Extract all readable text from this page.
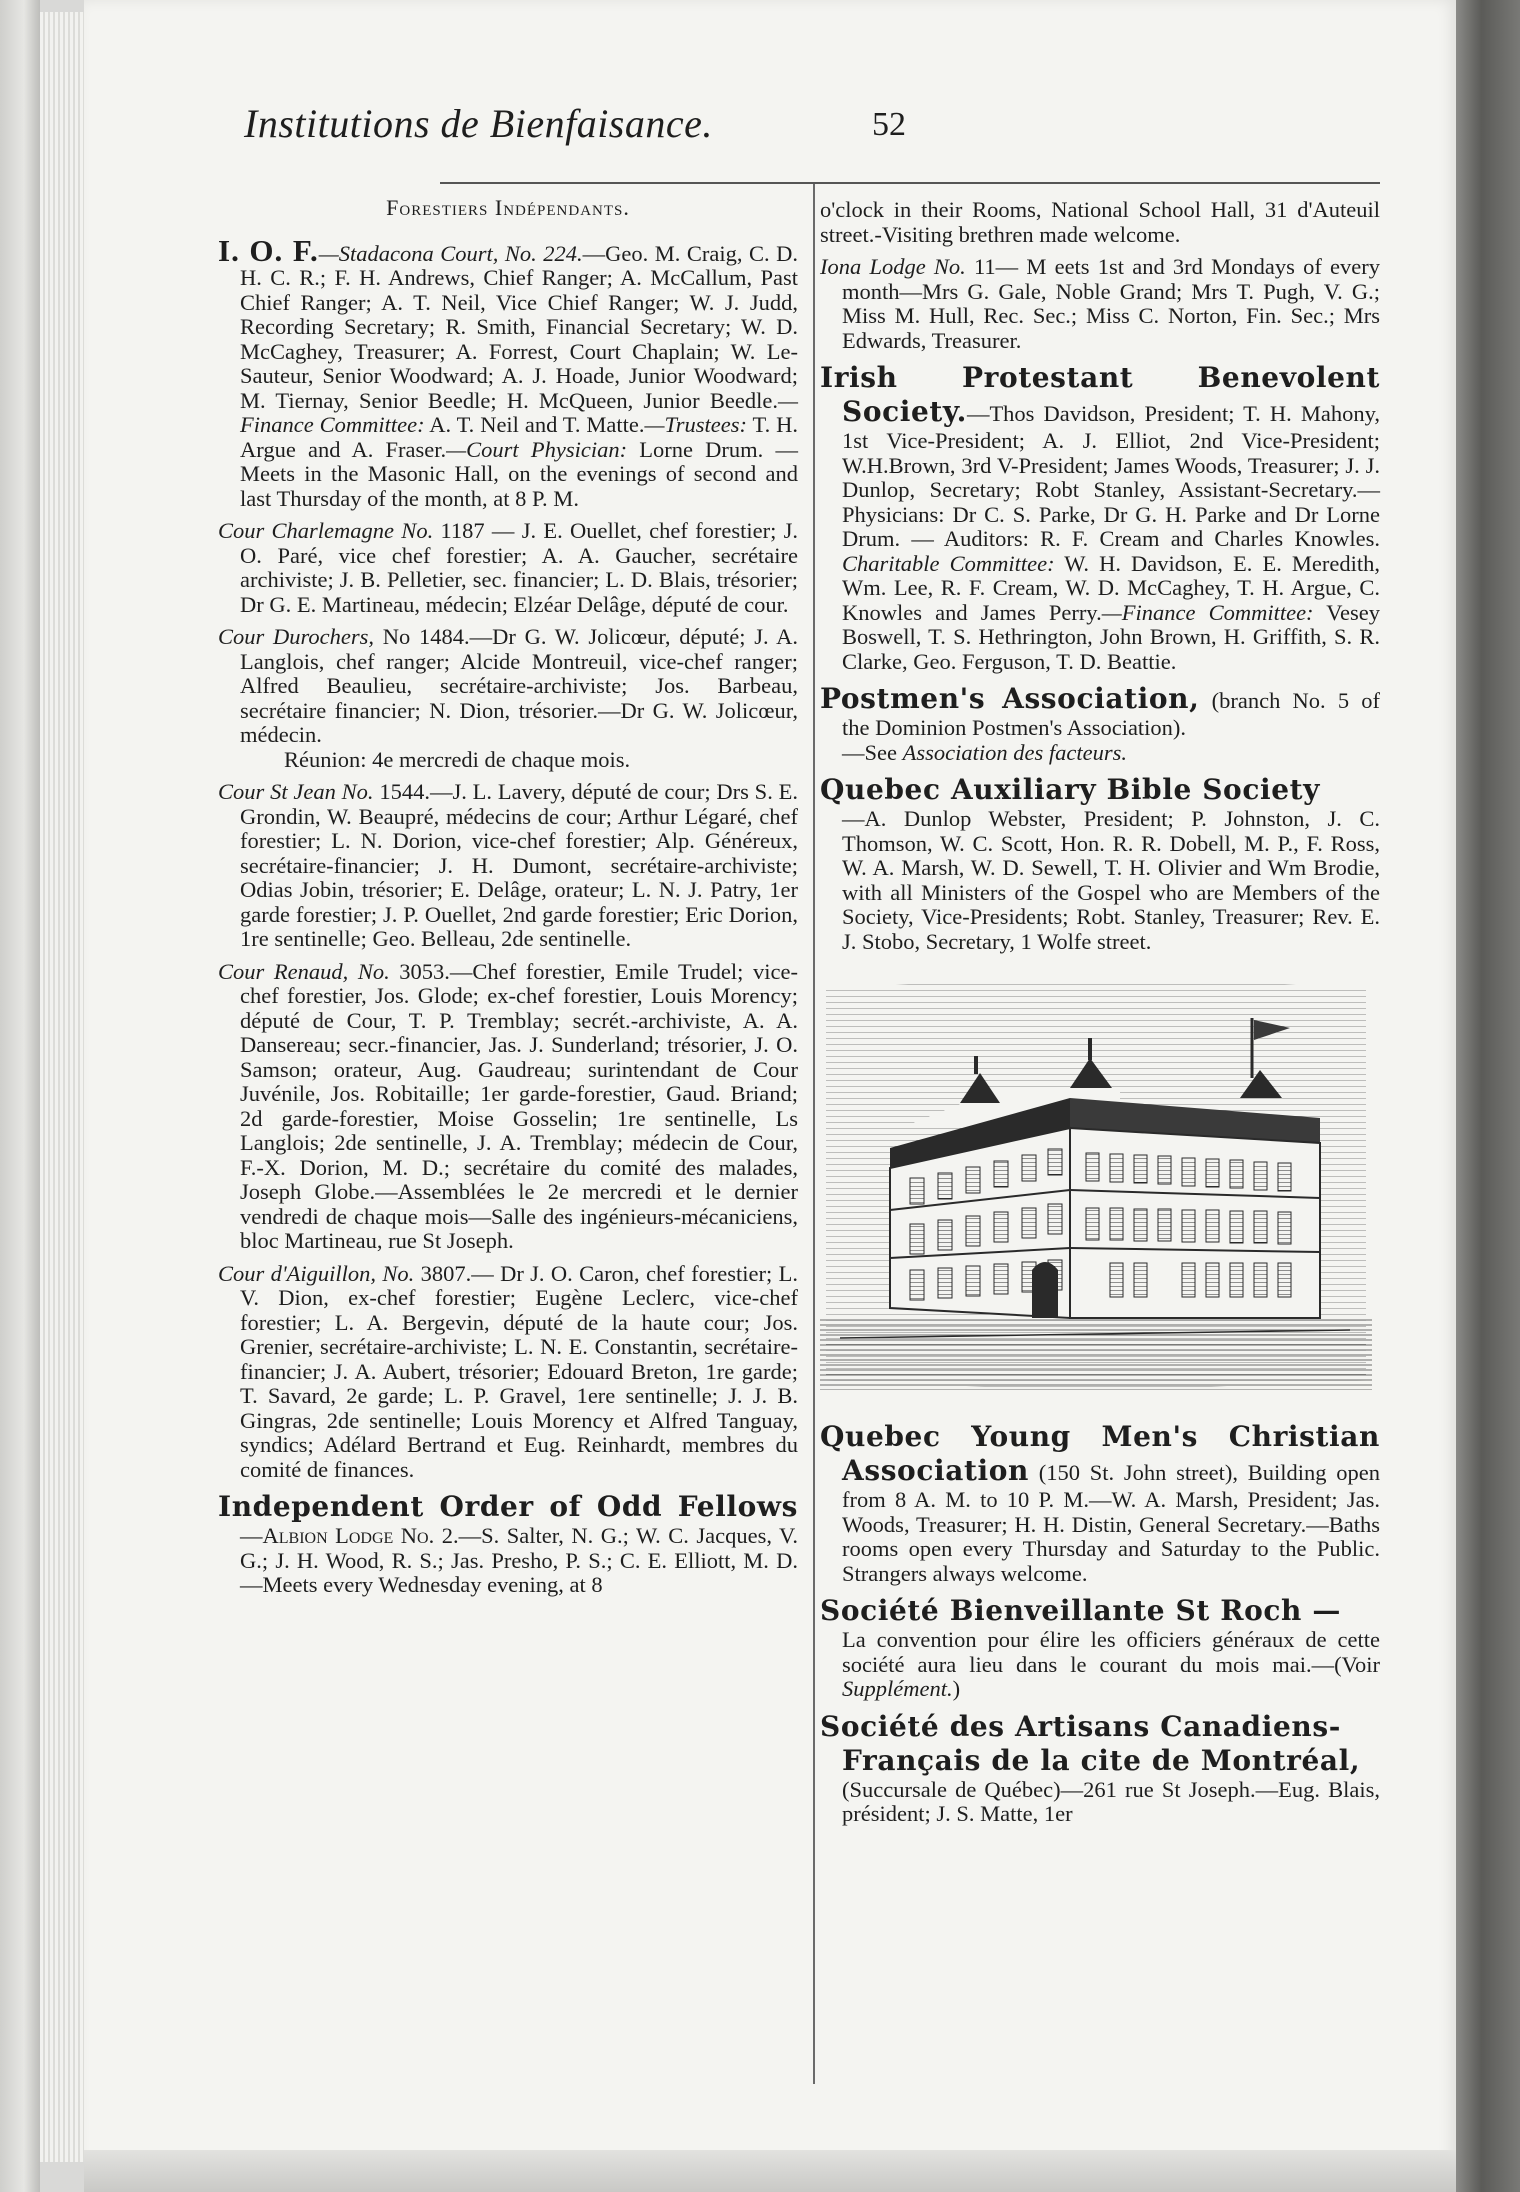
Institutions de Bienfaisance.	52
Forestiers Indépendants.
I. O. F.—Stadacona Court, No. 224.—Geo. M. Craig, C. D. H. C. R.; F. H. Andrews, Chief Ranger; A. McCallum, Past Chief Ranger; A. T. Neil, Vice Chief Ranger; W. J. Judd, Recording Secretary; R. Smith, Financial Secretary; W. D. McCaghey, Treasurer; A. Forrest, Court Chaplain; W. Le-Sauteur, Senior Woodward; A. J. Hoade, Junior Woodward; M. Tiernay, Senior Beedle; H. McQueen, Junior Beedle.—Finance Committee: A. T. Neil and T. Matte.—Trustees: T. H. Argue and A. Fraser.—Court Physician: Lorne Drum. — Meets in the Masonic Hall, on the evenings of second and last Thursday of the month, at 8 P. M.
Cour Charlemagne No. 1187 — J. E. Ouellet, chef forestier; J. O. Paré, vice chef forestier; A. A. Gaucher, secrétaire archiviste; J. B. Pelletier, sec. financier; L. D. Blais, trésorier; Dr G. E. Martineau, médecin; Elzéar Delâge, député de cour.
Cour Durochers, No 1484.—Dr G. W. Jolicœur, député; J. A. Langlois, chef ranger; Alcide Montreuil, vice-chef ranger; Alfred Beaulieu, secrétaire-archiviste; Jos. Barbeau, secrétaire financier; N. Dion, trésorier.—Dr G. W. Jolicœur, médecin.
Réunion: 4e mercredi de chaque mois.
Cour St Jean No. 1544.—J. L. Lavery, député de cour; Drs S. E. Grondin, W. Beaupré, médecins de cour; Arthur Légaré, chef forestier; L. N. Dorion, vice-chef forestier; Alp. Généreux, secrétaire-financier; J. H. Dumont, secrétaire-archiviste; Odias Jobin, trésorier; E. Delâge, orateur; L. N. J. Patry, 1er garde forestier; J. P. Ouellet, 2nd garde forestier; Eric Dorion, 1re sentinelle; Geo. Belleau, 2de sentinelle.
Cour Renaud, No. 3053.—Chef forestier, Emile Trudel; vice-chef forestier, Jos. Glode; ex-chef forestier, Louis Morency; député de Cour, T. P. Tremblay; secrét.-archiviste, A. A. Dansereau; secr.-financier, Jas. J. Sunderland; trésorier, J. O. Samson; orateur, Aug. Gaudreau; surintendant de Cour Juvénile, Jos. Robitaille; 1er garde-forestier, Gaud. Briand; 2d garde-forestier, Moise Gosselin; 1re sentinelle, Ls Langlois; 2de sentinelle, J. A. Tremblay; médecin de Cour, F.-X. Dorion, M. D.; secrétaire du comité des malades, Joseph Globe.—Assemblées le 2e mercredi et le dernier vendredi de chaque mois—Salle des ingénieurs-mécaniciens, bloc Martineau, rue St Joseph.
Cour d'Aiguillon, No. 3807.— Dr J. O. Caron, chef forestier; L. V. Dion, ex-chef forestier; Eugène Leclerc, vice-chef forestier; L. A. Bergevin, député de la haute cour; Jos. Grenier, secrétaire-archiviste; L. N. E. Constantin, secrétaire-financier; J. A. Aubert, trésorier; Edouard Breton, 1re garde; T. Savard, 2e garde; L. P. Gravel, 1ere sentinelle; J. J. B. Gingras, 2de sentinelle; Louis Morency et Alfred Tanguay, syndics; Adélard Bertrand et Eug. Reinhardt, membres du comité de finances.
Independent Order of Odd Fellows—Albion Lodge No. 2.—S. Salter, N. G.; W. C. Jacques, V. G.; J. H. Wood, R. S.; Jas. Presho, P. S.; C. E. Elliott, M. D.—Meets every Wednesday evening, at 8
o'clock in their Rooms, National School Hall, 31 d'Auteuil street.-Visiting brethren made welcome.
Iona Lodge No. 11— M eets 1st and 3rd Mondays of every month—Mrs G. Gale, Noble Grand; Mrs T. Pugh, V. G.; Miss M. Hull, Rec. Sec.; Miss C. Norton, Fin. Sec.; Mrs Edwards, Treasurer.
Irish Protestant Benevolent Society.—Thos Davidson, President; T. H. Mahony, 1st Vice-President; A. J. Elliot, 2nd Vice-President; W.H.Brown, 3rd V-President; James Woods, Treasurer; J. J. Dunlop, Secretary; Robt Stanley, Assistant-Secretary.—Physicians: Dr C. S. Parke, Dr G. H. Parke and Dr Lorne Drum. — Auditors: R. F. Cream and Charles Knowles. Charitable Committee: W. H. Davidson, E. E. Meredith, Wm. Lee, R. F. Cream, W. D. McCaghey, T. H. Argue, C. Knowles and James Perry.—Finance Committee: Vesey Boswell, T. S. Hethrington, John Brown, H. Griffith, S. R. Clarke, Geo. Ferguson, T. D. Beattie.
Postmen's Association, (branch No. 5 of the Dominion Postmen's Association).
—See Association des facteurs.
Quebec Auxiliary Bible Society
—A. Dunlop Webster, President; P. Johnston, J. C. Thomson, W. C. Scott, Hon. R. R. Dobell, M. P., F. Ross, W. A. Marsh, W. D. Sewell, T. H. Olivier and Wm Brodie, with all Ministers of the Gospel who are Members of the Society, Vice-Presidents; Robt. Stanley, Treasurer; Rev. E. J. Stobo, Secretary, 1 Wolfe street.
Quebec Young Men's Christian Association (150 St. John street), Building open from 8 A. M. to 10 P. M.—W. A. Marsh, President; Jas. Woods, Treasurer; H. H. Distin, General Secretary.—Baths rooms open every Thursday and Saturday to the Public. Strangers always welcome.
Société Bienveillante St Roch —
La convention pour élire les officiers généraux de cette société aura lieu dans le courant du mois mai.—(Voir Supplément.)
Société des Artisans Canadiens-
Français de la cite de Montréal,
(Succursale de Québec)—261 rue St Joseph.—Eug. Blais, président; J. S. Matte, 1er
